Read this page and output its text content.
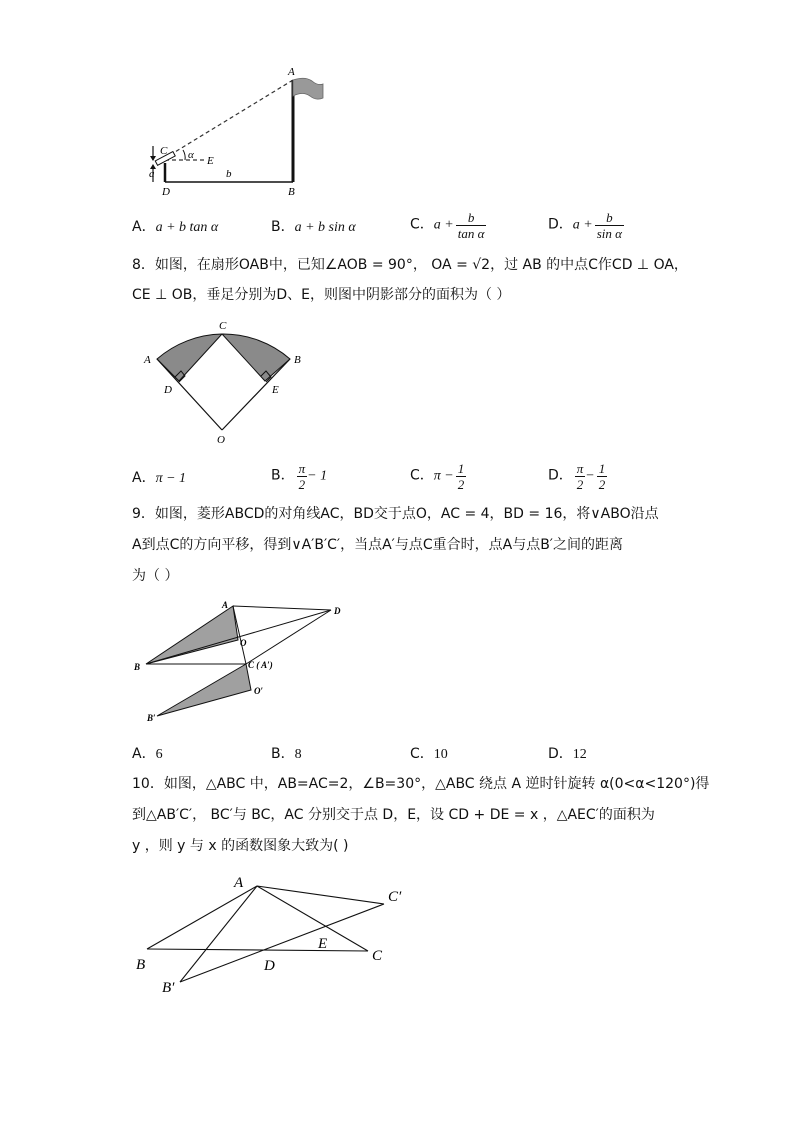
A
C α E
a
D
b
B
A．a + b tan α	B．a + b sin α	C．$a + \frac{b}{\text{tan α}}$	D．$a + \frac{b}{\text{sin α}}$
8．如图，在扇形OAB中，已知∠AOB = 90°， OA = √2，过 AB 的中点C作CD ⊥ OA，
CE ⊥ OB，垂足分别为D、E，则图中阴影部分的面积为（ ）
A
C
B
D	E
O
A．π − 1	B． $\frac{\pi}{2} - 1$	C．$\pi - \frac{1}{2}$	D． $\frac{\pi}{2} - \frac{1}{2}$
9．如图，菱形ABCD的对角线AC，BD交于点O，AC = 4，BD = 16，将∨ABO沿点
A到点C的方向平移，得到∨A′B′C′，当点A′与点C重合时，点A与点B′之间的距离
为（ ）
A
D
O
B	C ( A′)
O′
B′
A．6	B．8	C．10	D．12
10．如图，△ABC 中，AB=AC=2，∠B=30°，△ABC 绕点 A 逆时针旋转 α(0<α<120°)得
到△AB′C′， BC′与 BC，AC 分别交于点 D，E，设 CD + DE = x ，△AEC′的面积为
y ，则 y 与 x 的函数图象大致为( )
A
C′
E
B	D
C
B′
